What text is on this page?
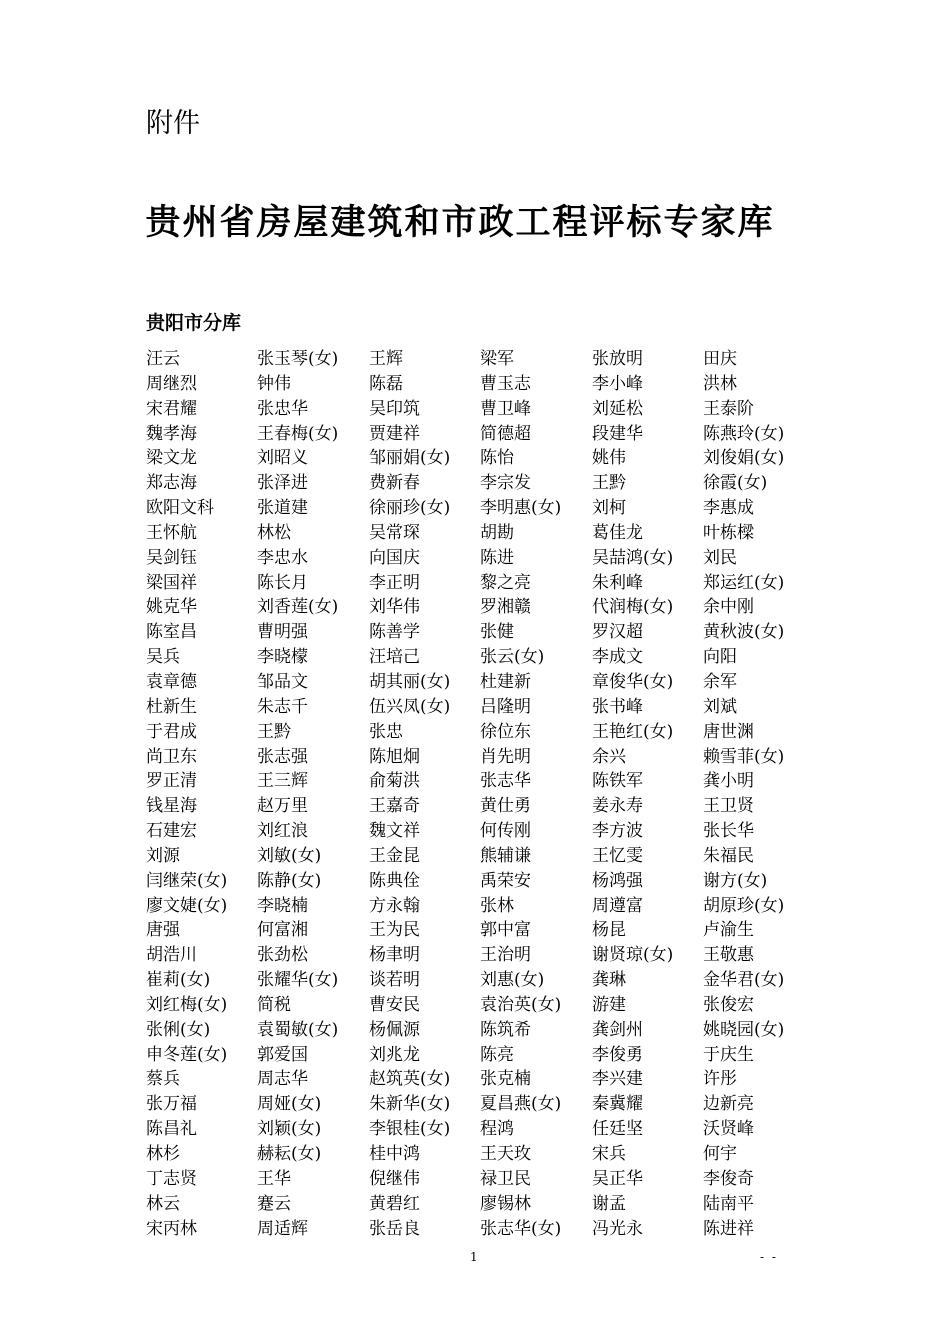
附件
贵州省房屋建筑和市政工程评标专家库
贵阳市分库
汪云	张玉琴(女)	王辉	梁军	张放明	田庆
周继烈	钟伟	陈磊	曹玉志	李小峰	洪林
宋君耀	张忠华	吴印筑	曹卫峰	刘延松	王泰阶
魏孝海	王春梅(女)	贾建祥	简德超	段建华	陈燕玲(女)
梁文龙	刘昭义	邹丽娟(女)	陈怡	姚伟	刘俊娟(女)
郑志海	张泽进	费新春	李宗发	王黔	徐霞(女)
欧阳文科	张道建	徐丽珍(女)	李明惠(女)	刘柯	李惠成
王怀航	林松	吴常琛	胡勘	葛佳龙	叶栋樑
吴剑钰	李忠水	向国庆	陈进	吴喆鸿(女)	刘民
梁国祥	陈长月	李正明	黎之亮	朱利峰	郑运红(女)
姚克华	刘香莲(女)	刘华伟	罗湘赣	代润梅(女)	余中刚
陈室昌	曹明强	陈善学	张健	罗汉超	黄秋波(女)
吴兵	李晓檬	汪培己	张云(女)	李成文	向阳
袁章德	邹品文	胡其丽(女)	杜建新	章俊华(女)	余军
杜新生	朱志千	伍兴凤(女)	吕隆明	张书峰	刘斌
于君成	王黔	张忠	徐位东	王艳红(女)	唐世渊
尚卫东	张志强	陈旭炯	肖先明	余兴	赖雪菲(女)
罗正清	王三辉	俞菊洪	张志华	陈铁军	龚小明
钱星海	赵万里	王嘉奇	黄仕勇	姜永寿	王卫贤
石建宏	刘红浪	魏文祥	何传刚	李方波	张长华
刘源	刘敏(女)	王金昆	熊辅谦	王忆雯	朱福民
闫继荣(女)	陈静(女)	陈典佺	禹荣安	杨鸿强	谢方(女)
廖文婕(女)	李晓楠	方永翰	张林	周遵富	胡原珍(女)
唐强	何富湘	王为民	郭中富	杨昆	卢渝生
胡浩川	张劲松	杨聿明	王治明	谢贤琼(女)	王敬惠
崔莉(女)	张耀华(女)	谈若明	刘惠(女)	龚琳	金华君(女)
刘红梅(女)	简税	曹安民	袁治英(女)	游建	张俊宏
张俐(女)	袁蜀敏(女)	杨佩源	陈筑希	龚剑州	姚晓园(女)
申冬莲(女)	郭爱国	刘兆龙	陈亮	李俊勇	于庆生
蔡兵	周志华	赵筑英(女)	张克楠	李兴建	许彤
张万福	周娅(女)	朱新华(女)	夏昌燕(女)	秦冀耀	边新亮
陈昌礼	刘颖(女)	李银桂(女)	程鸿	任廷坚	沃贤峰
林杉	赫耘(女)	桂中鸿	王天玫	宋兵	何宇
丁志贤	王华	倪继伟	禄卫民	吴正华	李俊奇
林云	蹇云	黄碧红	廖锡林	谢孟	陆南平
宋丙林	周适辉	张岳良	张志华(女)	冯光永	陈进祥
1	- -
